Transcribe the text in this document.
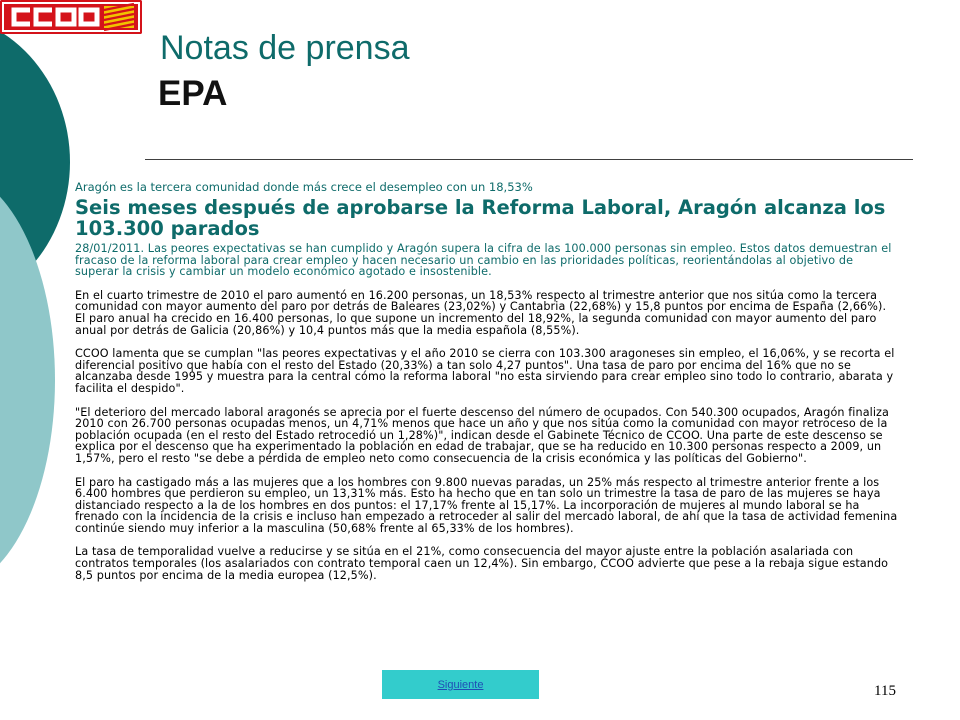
Notas de prensa
EPA

Aragón es la tercera comunidad donde más crece el desempleo con un 18,53%

Seis meses después de aprobarse la Reforma Laboral, Aragón alcanza los 103.300 parados

28/01/2011. Las peores expectativas se han cumplido y Aragón supera la cifra de las 100.000 personas sin empleo. Estos datos demuestran el fracaso de la reforma laboral para crear empleo y hacen necesario un cambio en las prioridades políticas, reorientándolas al objetivo de superar la crisis y cambiar un modelo económico agotado e insostenible.

En el cuarto trimestre de 2010 el paro aumentó en 16.200 personas, un 18,53% respecto al trimestre anterior que nos sitúa como la tercera comunidad con mayor aumento del paro por detrás de Baleares (23,02%) y Cantabria (22,68%) y 15,8 puntos por encima de España (2,66%). El paro anual ha crecido en 16.400 personas, lo que supone un incremento del 18,92%, la segunda comunidad con mayor aumento del paro anual por detrás de Galicia (20,86%) y 10,4 puntos más que la media española (8,55%).

CCOO lamenta que se cumplan "las peores expectativas y el año 2010 se cierra con 103.300 aragoneses sin empleo, el 16,06%, y se recorta el diferencial positivo que había con el resto del Estado (20,33%) a tan solo 4,27 puntos". Una tasa de paro por encima del 16% que no se alcanzaba desde 1995 y muestra para la central cómo la reforma laboral "no esta sirviendo para crear empleo sino todo lo contrario, abarata y facilita el despido".

"El deterioro del mercado laboral aragonés se aprecia por el fuerte descenso del número de ocupados. Con 540.300 ocupados, Aragón finaliza 2010 con 26.700 personas ocupadas menos, un 4,71% menos que hace un año y que nos sitúa como la comunidad con mayor retroceso de la población ocupada (en el resto del Estado retrocedió un 1,28%)", indican desde el Gabinete Técnico de CCOO. Una parte de este descenso se explica por el descenso que ha experimentado la población en edad de trabajar, que se ha reducido en 10.300 personas respecto a 2009, un 1,57%, pero el resto "se debe a pérdida de empleo neto como consecuencia de la crisis económica y las políticas del Gobierno".

El paro ha castigado más a las mujeres que a los hombres con 9.800 nuevas paradas, un 25% más respecto al trimestre anterior frente a los 6.400 hombres que perdieron su empleo, un 13,31% más. Esto ha hecho que en tan solo un trimestre la tasa de paro de las mujeres se haya distanciado respecto a la de los hombres en dos puntos: el 17,17% frente al 15,17%. La incorporación de mujeres al mundo laboral se ha frenado con la incidencia de la crisis e incluso han empezado a retroceder al salir del mercado laboral, de ahí que la tasa de actividad femenina continúe siendo muy inferior a la masculina (50,68% frente al 65,33% de los hombres).

La tasa de temporalidad vuelve a reducirse y se sitúa en el 21%, como consecuencia del mayor ajuste entre la población asalariada con contratos temporales (los asalariados con contrato temporal caen un 12,4%). Sin embargo, CCOO advierte que pese a la rebaja sigue estando 8,5 puntos por encima de la media europea (12,5%).

Siguiente	115
